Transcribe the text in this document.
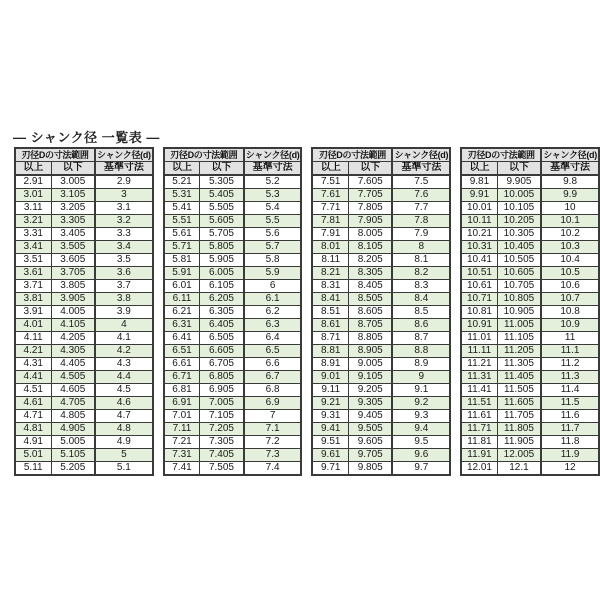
— シャンク径 一覧表 —
刃径Dの寸法範囲		シャンク径(d)
以上	以下	基準寸法
2.91	3.005	2.9
3.01	3.105	3
3.11	3.205	3.1
3.21	3.305	3.2
3.31	3.405	3.3
3.41	3.505	3.4
3.51	3.605	3.5
3.61	3.705	3.6
3.71	3.805	3.7
3.81	3.905	3.8
3.91	4.005	3.9
4.01	4.105	4
4.11	4.205	4.1
4.21	4.305	4.2
4.31	4.405	4.3
4.41	4.505	4.4
4.51	4.605	4.5
4.61	4.705	4.6
4.71	4.805	4.7
4.81	4.905	4.8
4.91	5.005	4.9
5.01	5.105	5
5.11	5.205	5.1
刃径Dの寸法範囲		シャンク径(d)
以上	以下	基準寸法
5.21	5.305	5.2
5.31	5.405	5.3
5.41	5.505	5.4
5.51	5.605	5.5
5.61	5.705	5.6
5.71	5.805	5.7
5.81	5.905	5.8
5.91	6.005	5.9
6.01	6.105	6
6.11	6.205	6.1
6.21	6.305	6.2
6.31	6.405	6.3
6.41	6.505	6.4
6.51	6.605	6.5
6.61	6.705	6.6
6.71	6.805	6.7
6.81	6.905	6.8
6.91	7.005	6.9
7.01	7.105	7
7.11	7.205	7.1
7.21	7.305	7.2
7.31	7.405	7.3
7.41	7.505	7.4
刃径Dの寸法範囲		シャンク径(d)
以上	以下	基準寸法
7.51	7.605	7.5
7.61	7.705	7.6
7.71	7.805	7.7
7.81	7.905	7.8
7.91	8.005	7.9
8.01	8.105	8
8.11	8.205	8.1
8.21	8.305	8.2
8.31	8.405	8.3
8.41	8.505	8.4
8.51	8.605	8.5
8.61	8.705	8.6
8.71	8.805	8.7
8.81	8.905	8.8
8.91	9.005	8.9
9.01	9.105	9
9.11	9.205	9.1
9.21	9.305	9.2
9.31	9.405	9.3
9.41	9.505	9.4
9.51	9.605	9.5
9.61	9.705	9.6
9.71	9.805	9.7
刃径Dの寸法範囲		シャンク径(d)
以上	以下	基準寸法
9.81	9.905	9.8
9.91	10.005	9.9
10.01	10.105	10
10.11	10.205	10.1
10.21	10.305	10.2
10.31	10.405	10.3
10.41	10.505	10.4
10.51	10.605	10.5
10.61	10.705	10.6
10.71	10.805	10.7
10.81	10.905	10.8
10.91	11.005	10.9
11.01	11.105	11
11.11	11.205	11.1
11.21	11.305	11.2
11.31	11.405	11.3
11.41	11.505	11.4
11.51	11.605	11.5
11.61	11.705	11.6
11.71	11.805	11.7
11.81	11.905	11.8
11.91	12.005	11.9
12.01	12.1	12
